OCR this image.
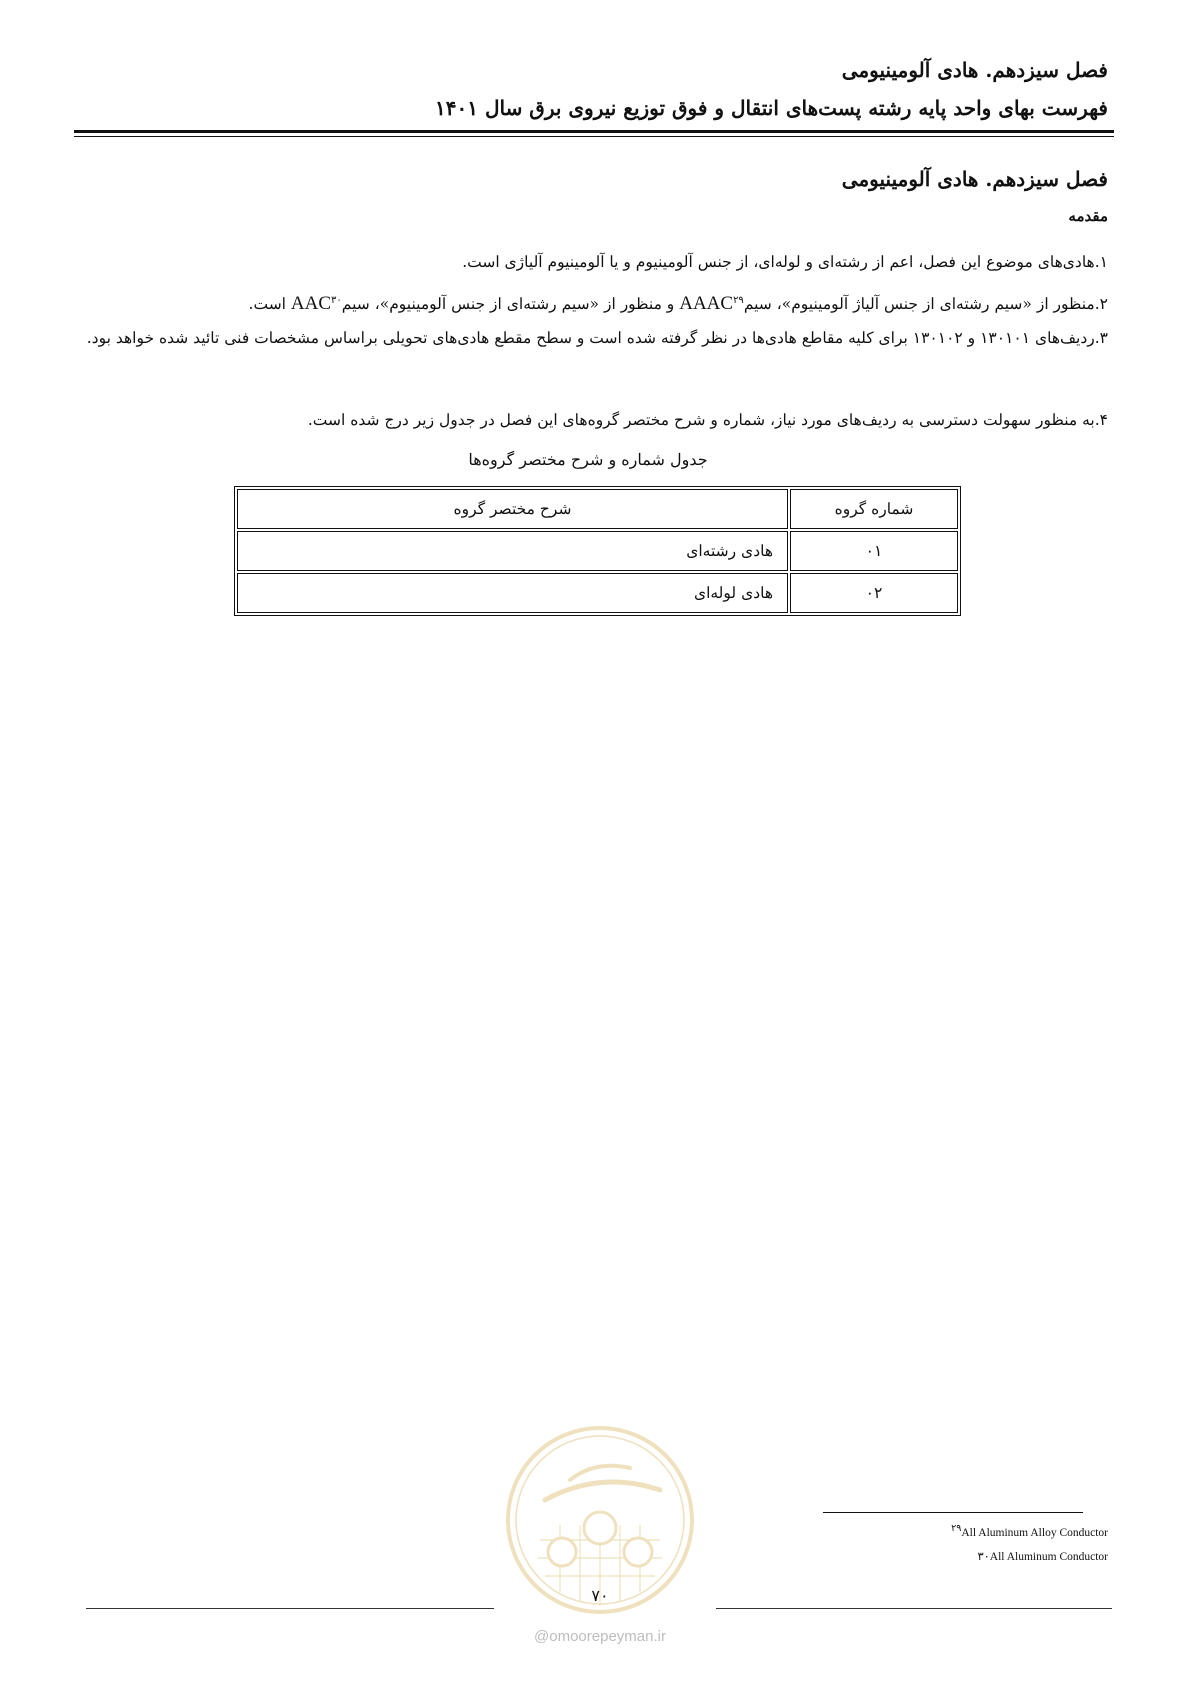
فصل سیزدهم. هادی آلومینیومی
فهرست بهای واحد پایه رشته پست‌های انتقال و فوق توزیع نیروی برق سال ۱۴۰۱
فصل سیزدهم. هادی آلومینیومی
مقدمه
۱.هادی‌های موضوع این فصل، اعم از رشته‌ای و لوله‌ای، از جنس آلومینیوم و یا آلومینیوم آلیاژی است.
۲.منظور از «سیم رشته‌ای از جنس آلیاژ آلومینیوم»، سیمAAAC$^{۲۹}$ و منظور از «سیم رشته‌ای از جنس آلومینیوم»، سیمAAC$^{۳۰}$ است.
۳.ردیف‌های ۱۳۰۱۰۱ و ۱۳۰۱۰۲ برای کلیه مقاطع هادی‌ها در نظر گرفته شده است و سطح مقطع هادی‌های تحویلی براساس مشخصات فنی تائید شده خواهد بود.
۴.به منظور سهولت دسترسی به ردیف‌های مورد نیاز، شماره و شرح مختصر گروه‌های این فصل در جدول زیر درج شده است.
جدول شماره و شرح مختصر گروه‌ها
شماره گروه	شرح مختصر گروه
۰۱	هادی رشته‌ای
۰۲	هادی لوله‌ای
$^{۲۹}$All Aluminum Alloy Conductor
۳۰All Aluminum Conductor
۷۰
@omoorepeyman.ir
